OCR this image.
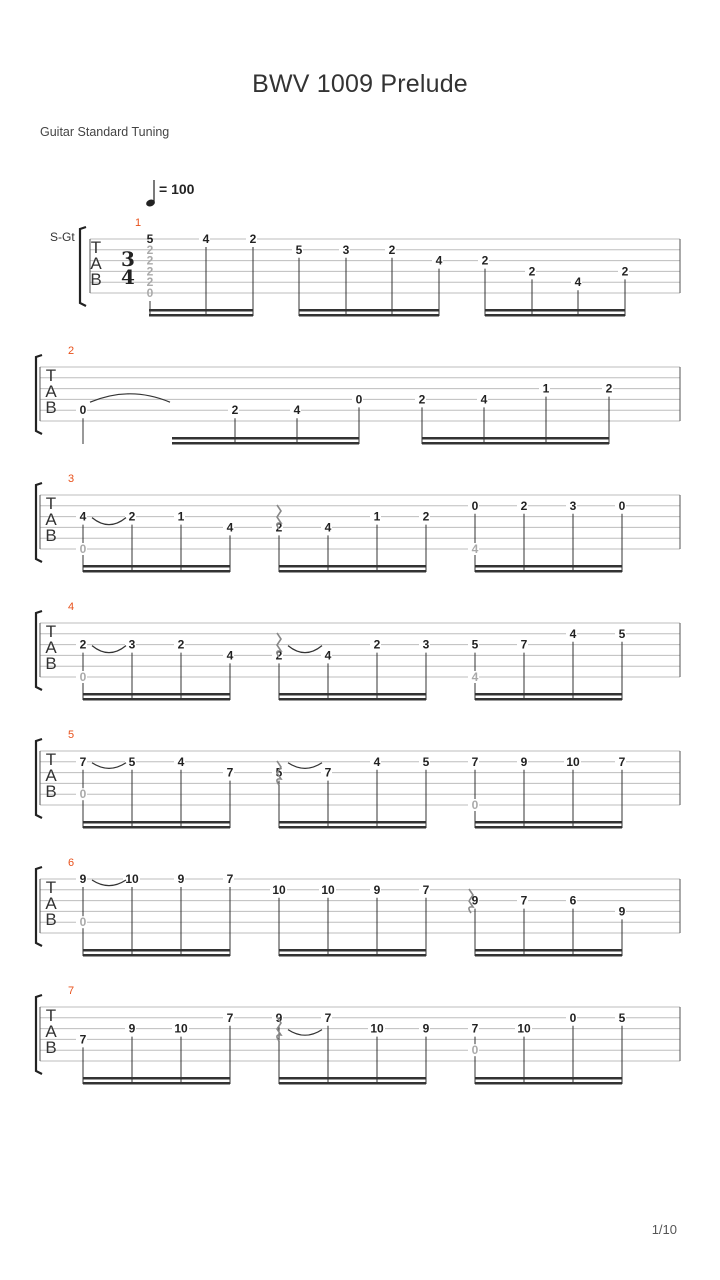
BWV 1009 Prelude
Guitar Standard Tuning
= 100
S-Gt
1/10
T
A
B
1
3
4
5
2
2
2
2
0
4	2
5	3	2
4	2
2
4
2
T
A
B
2
0	2	4
0	2	4
1	2
T
A
B
3
4
0
2	1
4	2	4
1	2
0
4
2	3	0
T
A
B
4
2
0
3	2
4	2	4
2	3	5
4
7
4	5
T
A
B
5
7
0
5	4
7	5	7
4	5	7
0
9	10	7
T
A
B
6
9
0
10	9	7
10	10	9	7
9	7	6
9
T
A
B
7
7
9	10
7	9	7
10	9	7
0
10
0	5
